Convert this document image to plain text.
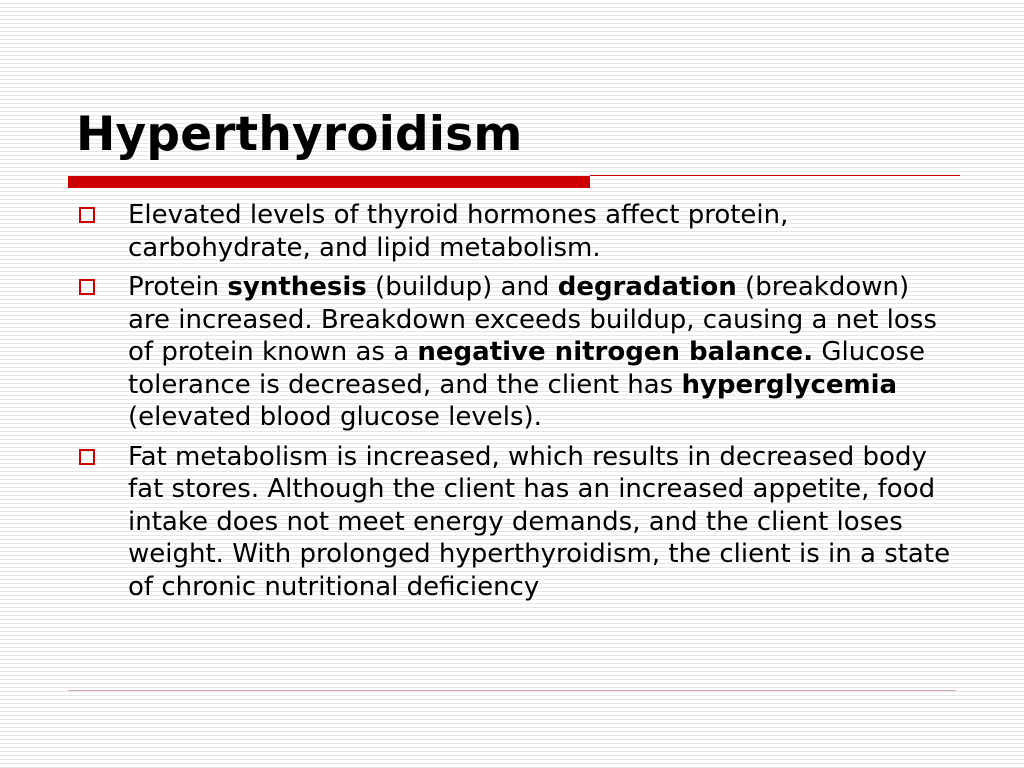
Hyperthyroidism
Elevated levels of thyroid hormones affect protein, carbohydrate, and lipid metabolism.
Protein synthesis (buildup) and degradation (breakdown) are increased. Breakdown exceeds buildup, causing a net loss of protein known as a negative nitrogen balance. Glucose tolerance is decreased, and the client has hyperglycemia (elevated blood glucose levels).
Fat metabolism is increased, which results in decreased body fat stores. Although the client has an increased appetite, food intake does not meet energy demands, and the client loses weight. With prolonged hyperthyroidism, the client is in a state of chronic nutritional deficiency
